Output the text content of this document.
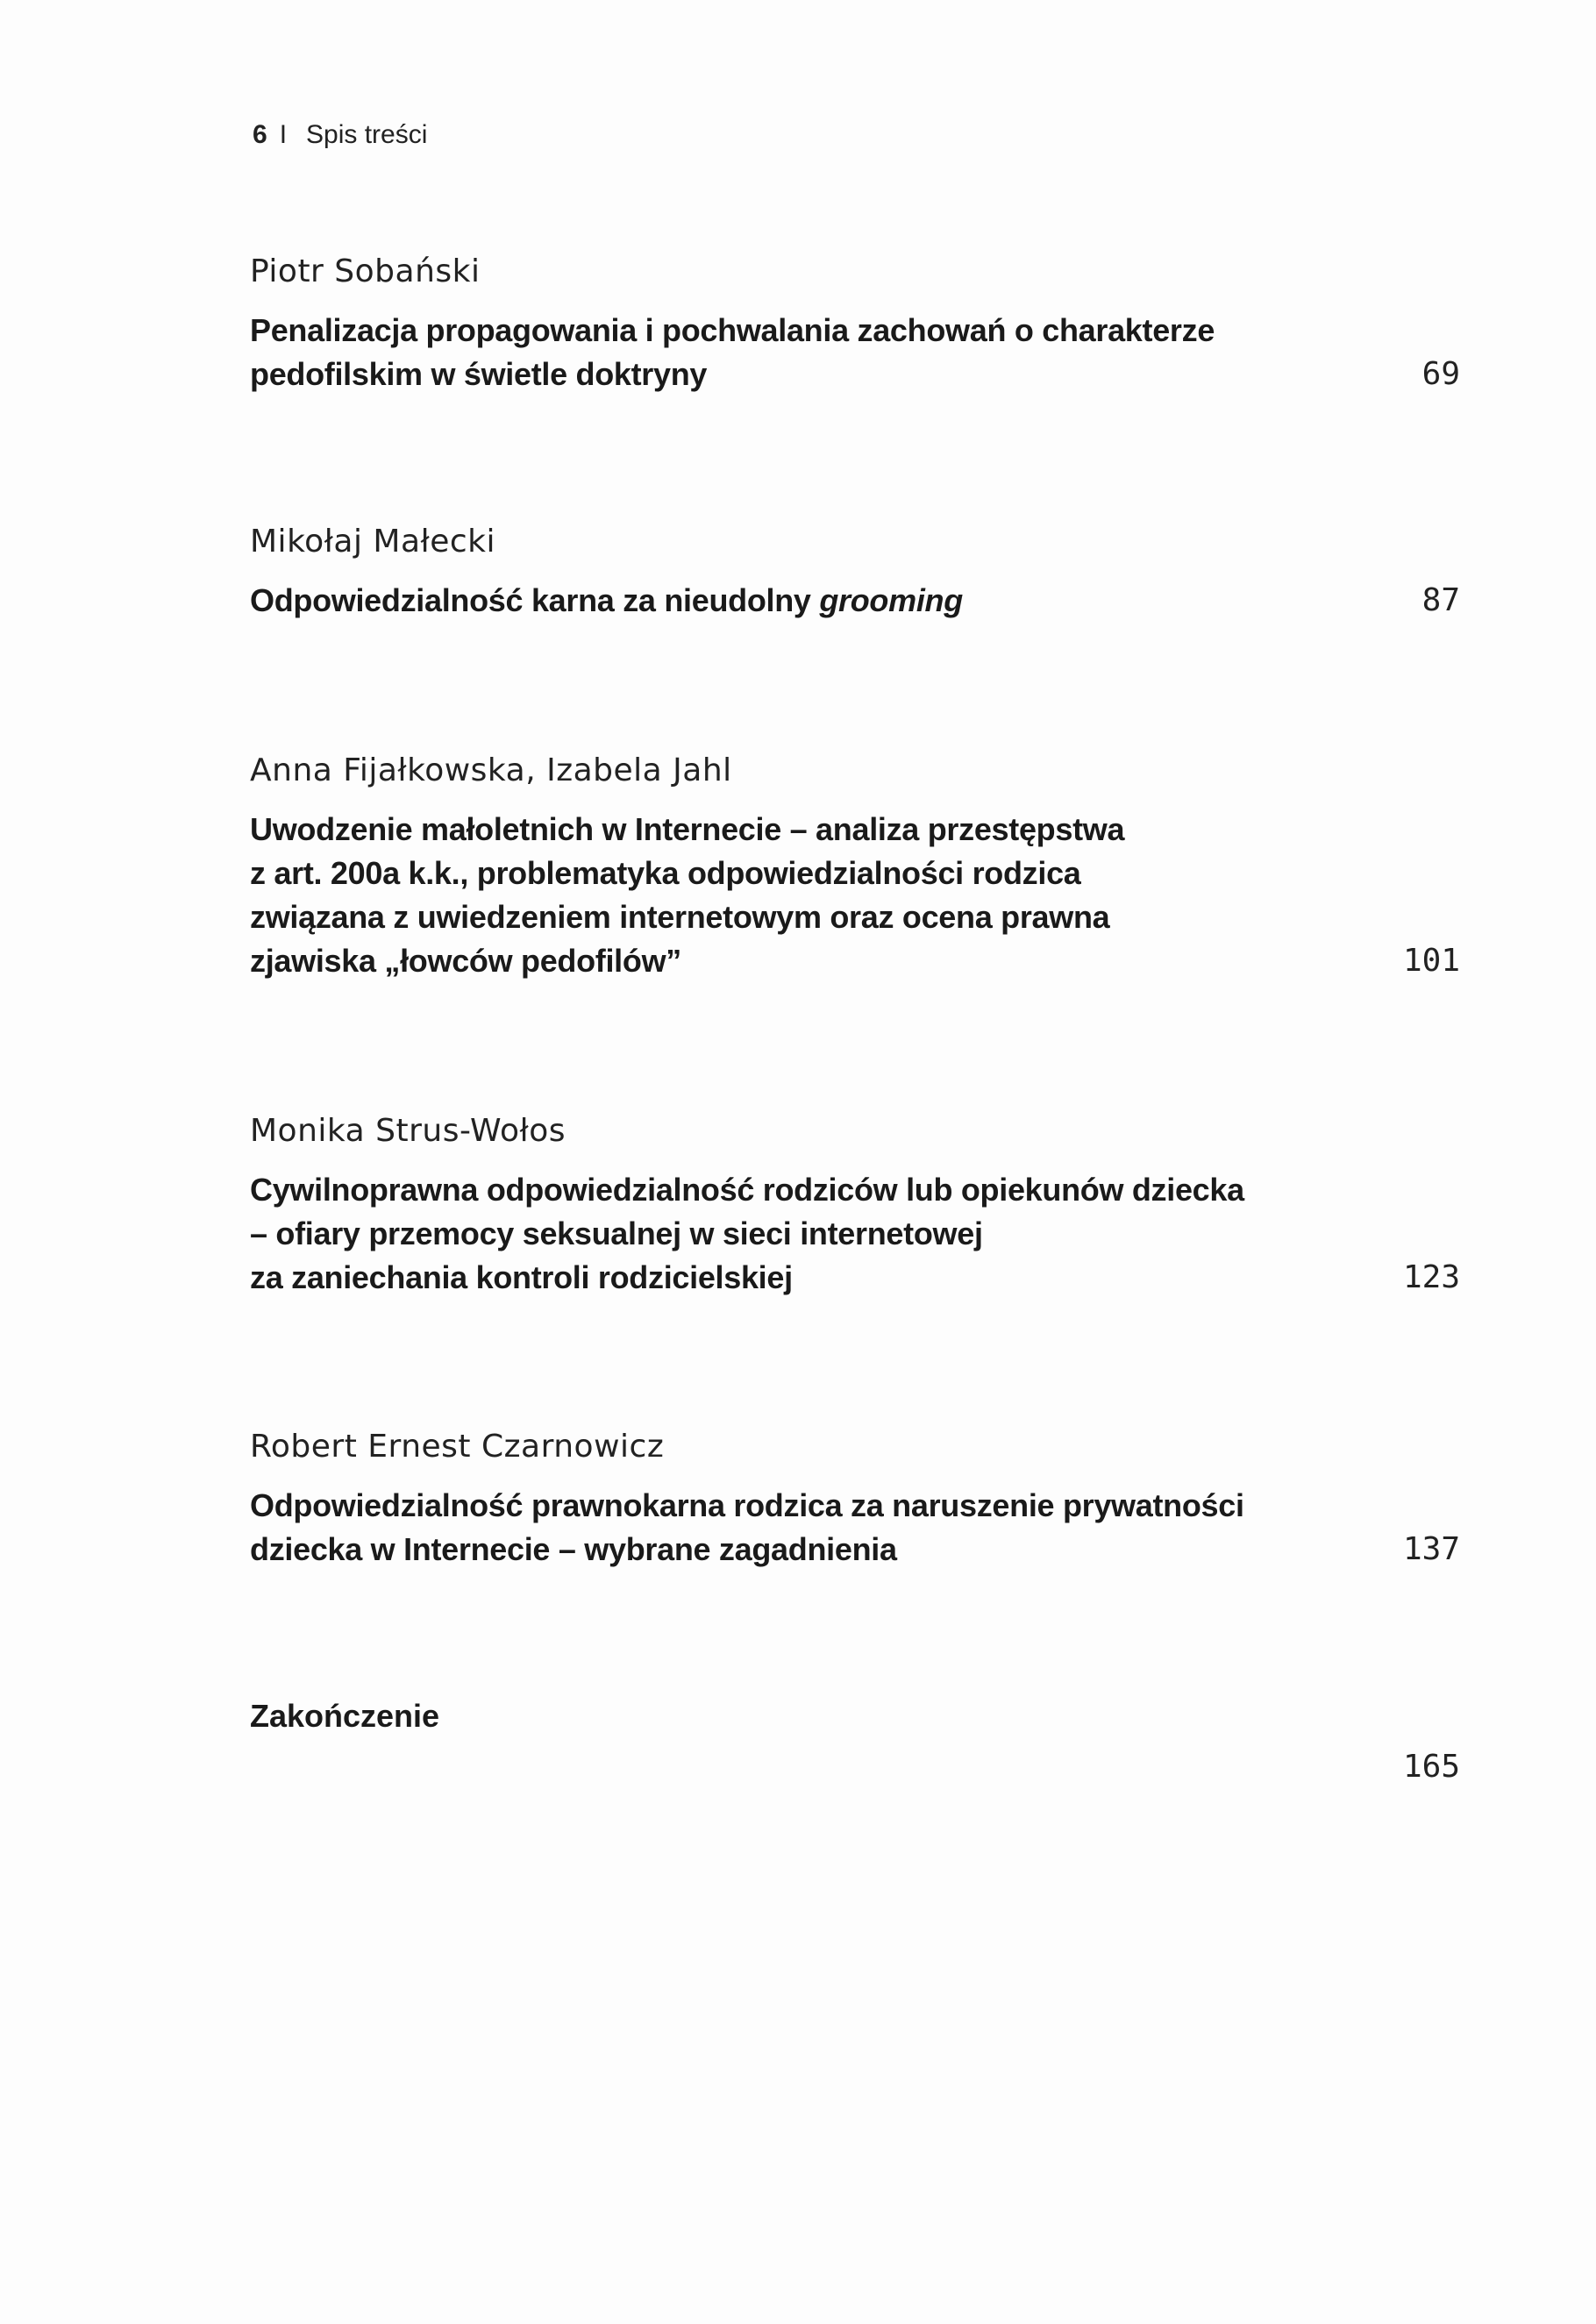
6 I Spis treści
Piotr Sobański
Penalizacja propagowania i pochwalania zachowań o charakterze
pedofilskim w świetle doktryny	69
Mikołaj Małecki
Odpowiedzialność karna za nieudolny grooming	87
Anna Fijałkowska, Izabela Jahl
Uwodzenie małoletnich w Internecie – analiza przestępstwa
z art. 200a k.k., problematyka odpowiedzialności rodzica
związana z uwiedzeniem internetowym oraz ocena prawna
zjawiska „łowców pedofilów”	101
Monika Strus-Wołos
Cywilnoprawna odpowiedzialność rodziców lub opiekunów dziecka
– ofiary przemocy seksualnej w sieci internetowej
za zaniechania kontroli rodzicielskiej	123
Robert Ernest Czarnowicz
Odpowiedzialność prawnokarna rodzica za naruszenie prywatności
dziecka w Internecie – wybrane zagadnienia	137
Zakończenie
165
